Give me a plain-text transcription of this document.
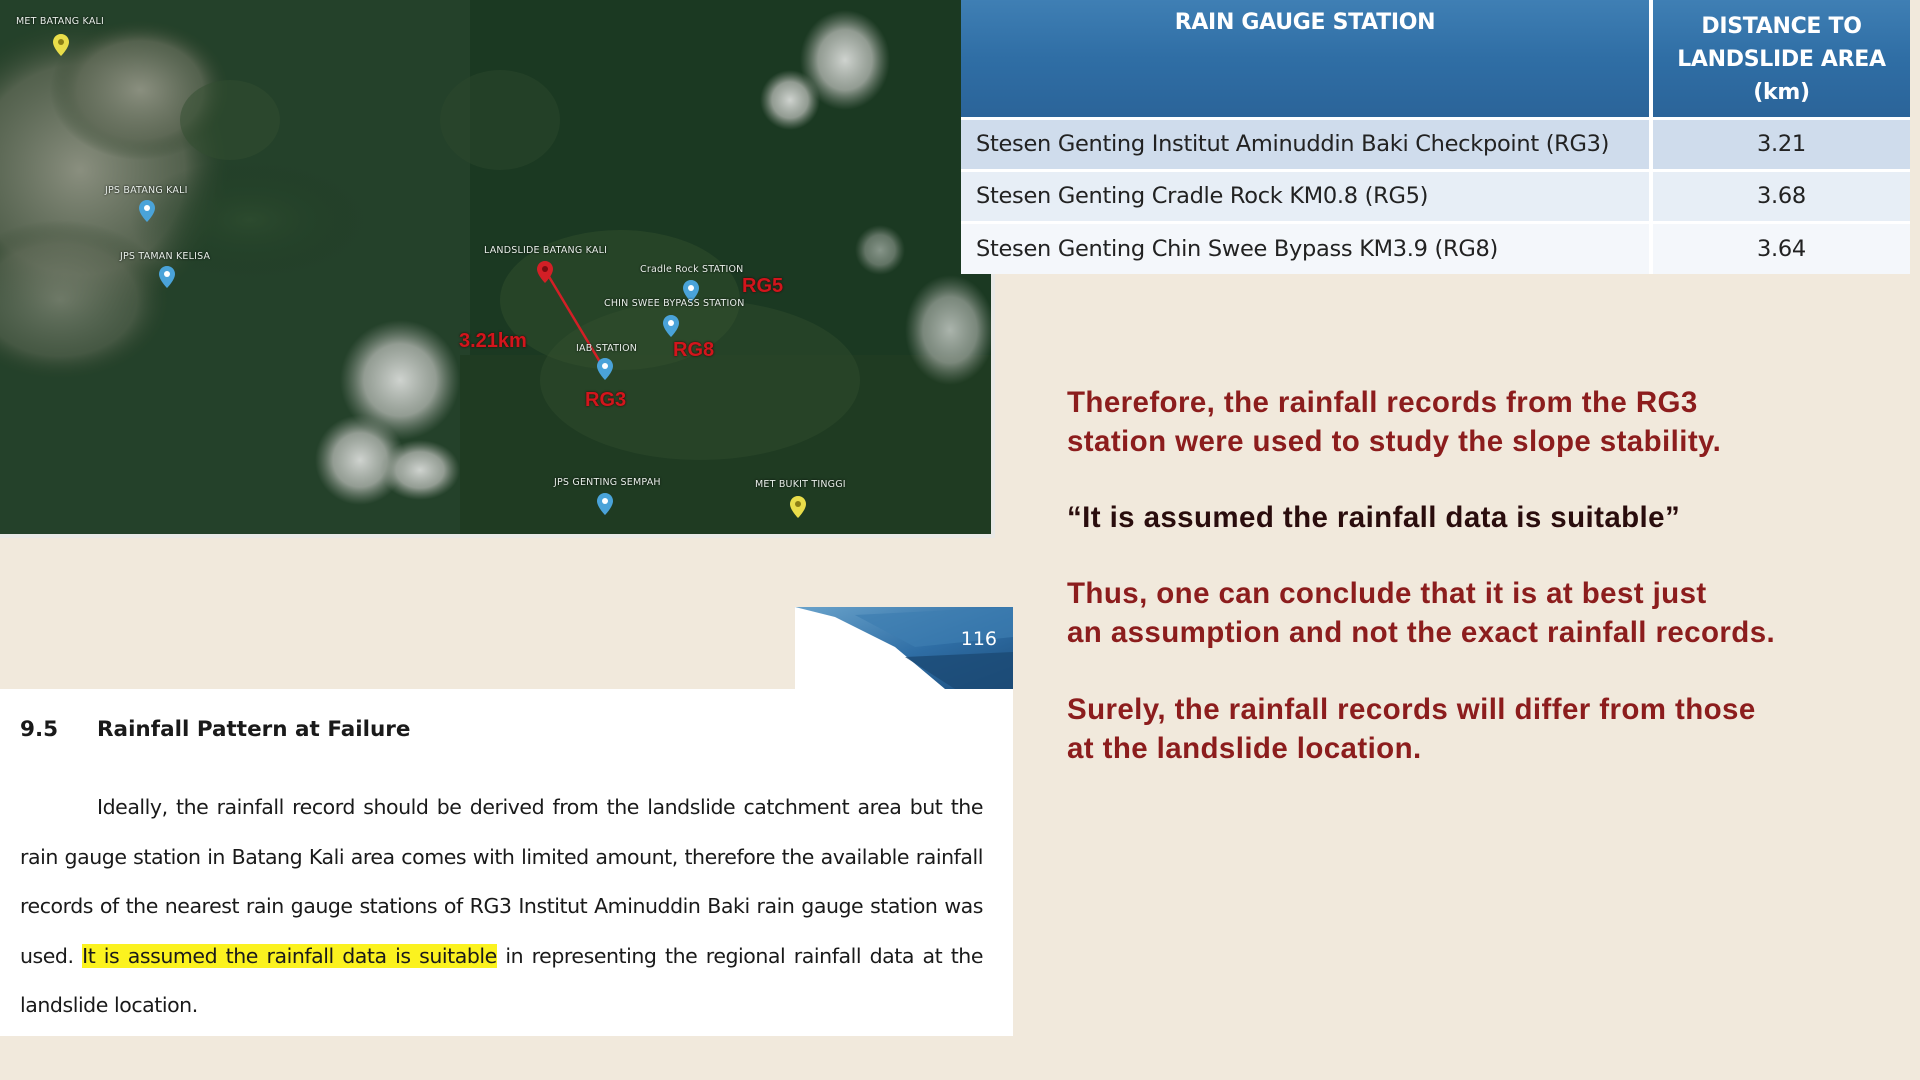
MET BATANG KALI
JPS BATANG KALI
JPS TAMAN KELISA
LANDSLIDE BATANG KALI
Cradle Rock STATION
CHIN SWEE BYPASS STATION
IAB STATION
JPS GENTING SEMPAH	MET BUKIT TINGGI
3.21km
RG5
RG8
RG3
RAIN GAUGE STATION	DISTANCE TO
LANDSLIDE AREA
(km)
Stesen Genting Institut Aminuddin Baki Checkpoint (RG3)	3.21
Stesen Genting Cradle Rock KM0.8 (RG5)	3.68
Stesen Genting Chin Swee Bypass KM3.9 (RG8)	3.64
116
9.5 Rainfall Pattern at Failure

Ideally, the rainfall record should be derived from the landslide catchment area but the rain gauge station in Batang Kali area comes with limited amount, therefore the available rainfall records of the nearest rain gauge stations of RG3 Institut Aminuddin Baki rain gauge station was used. It is assumed the rainfall data is suitable in representing the regional rainfall data at the landslide location.

Therefore, the rainfall records from the RG3
station were used to study the slope stability.
“It is assumed the rainfall data is suitable”
Thus, one can conclude that it is at best just
an assumption and not the exact rainfall records.
Surely, the rainfall records will differ from those
at the landslide location.
